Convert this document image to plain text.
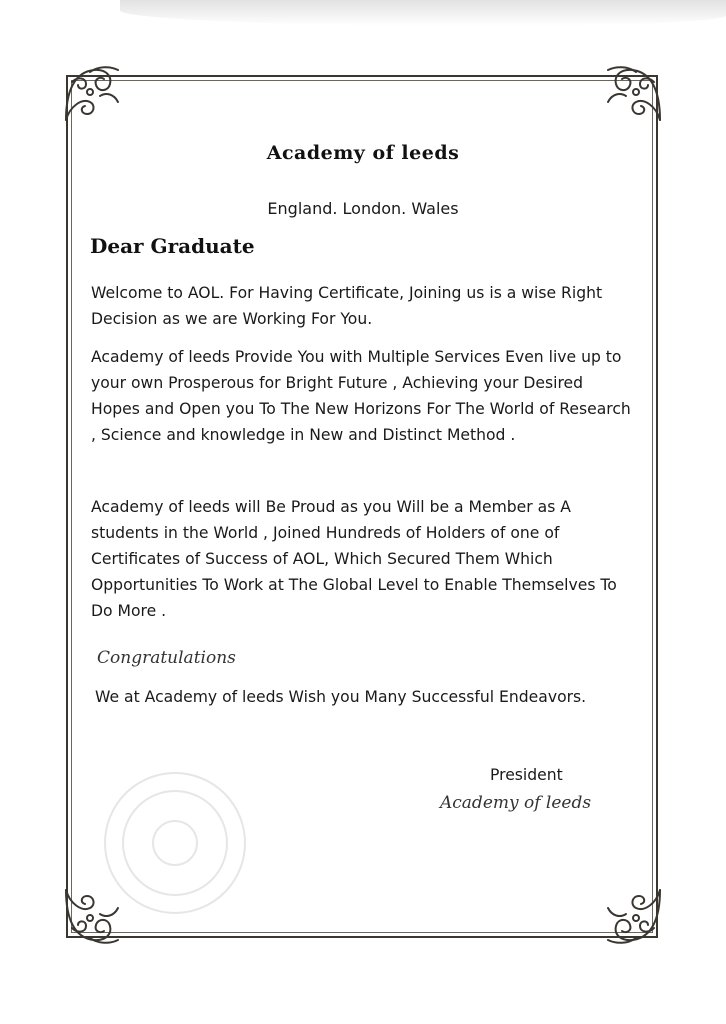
Academy of leeds
England. London. Wales
Dear Graduate

Welcome to AOL. For Having Certificate, Joining us is a wise Right Decision as we are Working For You.

Academy of leeds Provide You with Multiple Services Even live up to your own Prosperous for Bright Future , Achieving your Desired Hopes and Open you To The New Horizons For The World of Research , Science and knowledge in New and Distinct Method .

Academy of leeds will Be Proud as you Will be a Member as A students in the World , Joined Hundreds of Holders of one of Certificates of Success of AOL, Which Secured Them Which Opportunities To Work at The Global Level to Enable Themselves To Do More .

Congratulations
We at Academy of leeds Wish you Many Successful Endeavors.
President
Academy of leeds
